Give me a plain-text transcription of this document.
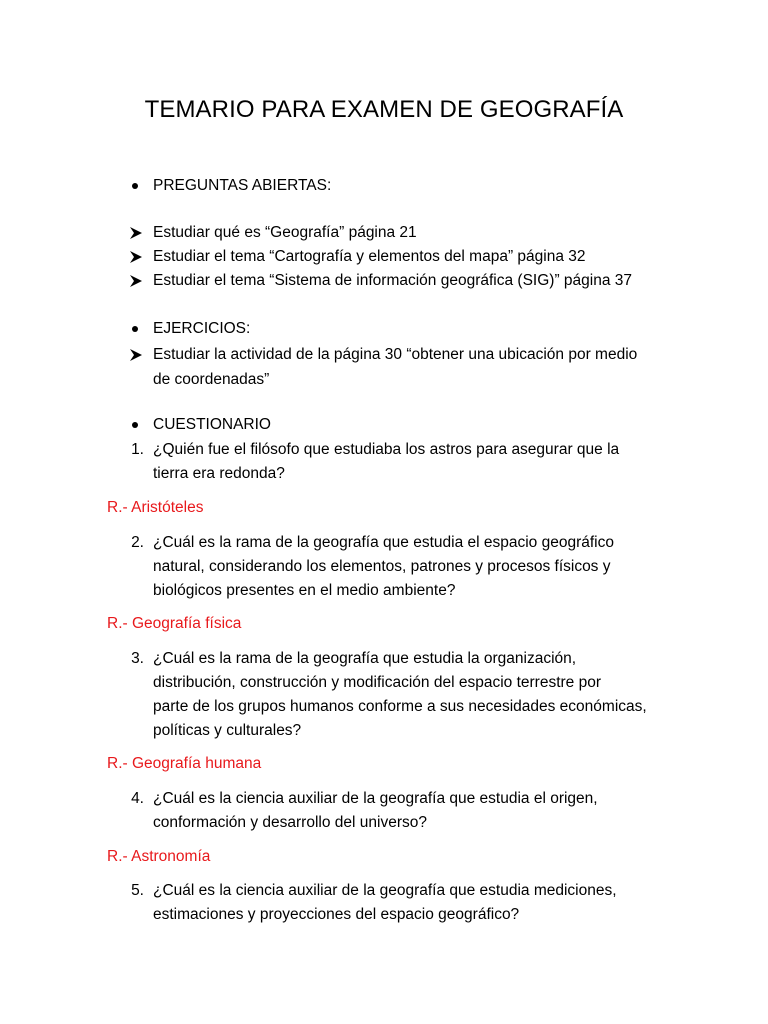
TEMARIO PARA EXAMEN DE GEOGRAFÍA
PREGUNTAS ABIERTAS:
Estudiar qué es “Geografía” página 21
Estudiar el tema “Cartografía y elementos del mapa” página 32
Estudiar el tema “Sistema de información geográfica (SIG)” página 37
EJERCICIOS:
Estudiar la actividad de la página 30 “obtener una ubicación por medio
de coordenadas”
CUESTIONARIO
1. ¿Quién fue el filósofo que estudiaba los astros para asegurar que la
tierra era redonda?
R.- Aristóteles
2. ¿Cuál es la rama de la geografía que estudia el espacio geográfico
natural, considerando los elementos, patrones y procesos físicos y
biológicos presentes en el medio ambiente?
R.- Geografía física
3. ¿Cuál es la rama de la geografía que estudia la organización,
distribución, construcción y modificación del espacio terrestre por
parte de los grupos humanos conforme a sus necesidades económicas,
políticas y culturales?
R.- Geografía humana
4. ¿Cuál es la ciencia auxiliar de la geografía que estudia el origen,
conformación y desarrollo del universo?
R.- Astronomía
5. ¿Cuál es la ciencia auxiliar de la geografía que estudia mediciones,
estimaciones y proyecciones del espacio geográfico?
